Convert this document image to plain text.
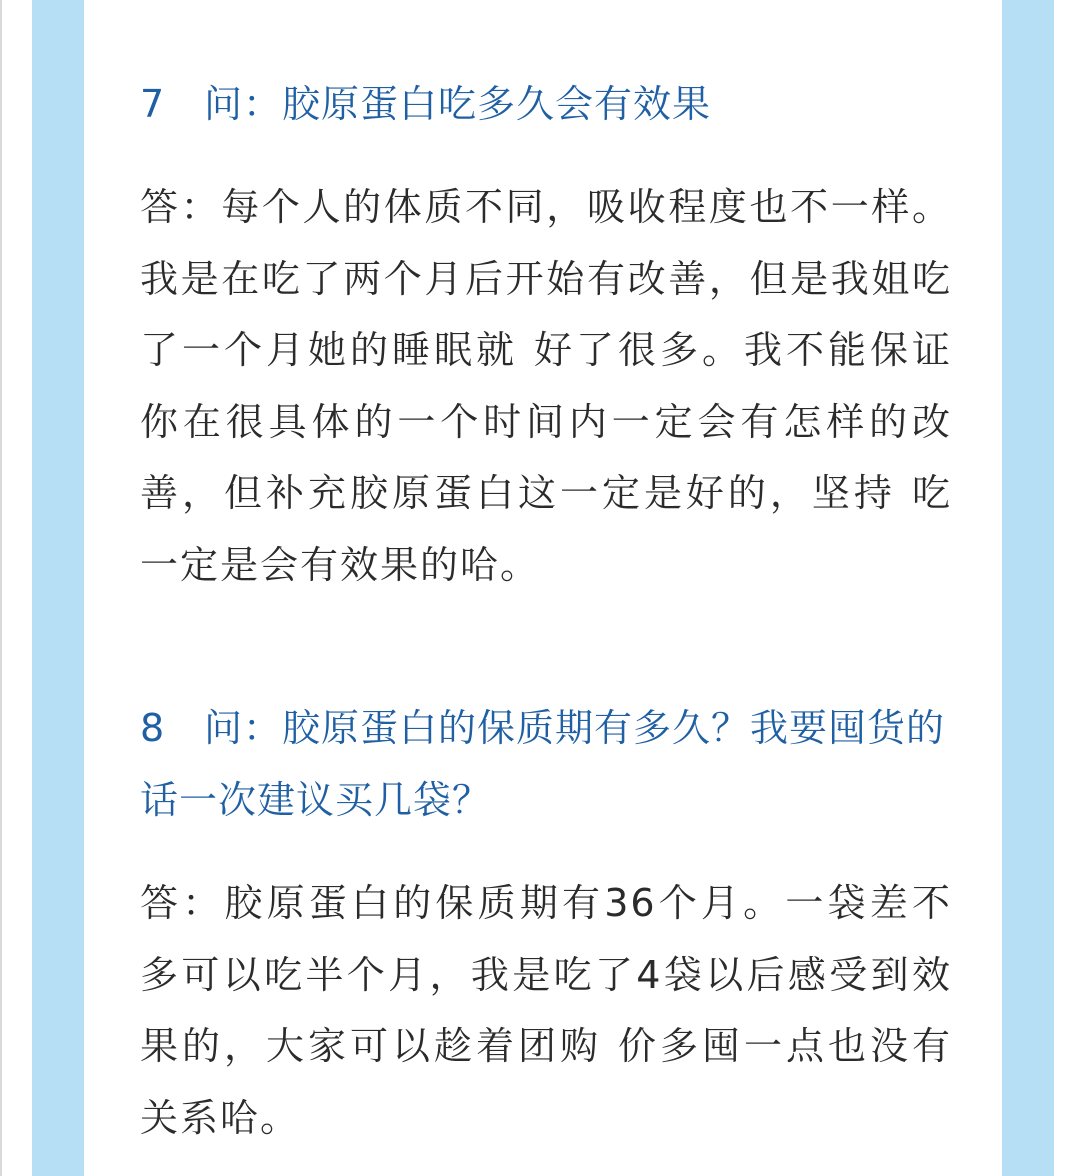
7 问：胶原蛋白吃多久会有效果

答：每个人的体质不同，吸收程度也不一样。我是在吃了两个月后开始有改善，但是我姐吃了一个月她的睡眠就 好了很多。我不能保证你在很具体的一个时间内一定会有怎样的改善，但补充胶原蛋白这一定是好的，坚持 吃一定是会有效果的哈。

8 问：胶原蛋白的保质期有多久？我要囤货的话一次建议买几袋？

答：胶原蛋白的保质期有36个月。一袋差不多可以吃半个月，我是吃了4袋以后感受到效果的，大家可以趁着团购 价多囤一点也没有关系哈。
